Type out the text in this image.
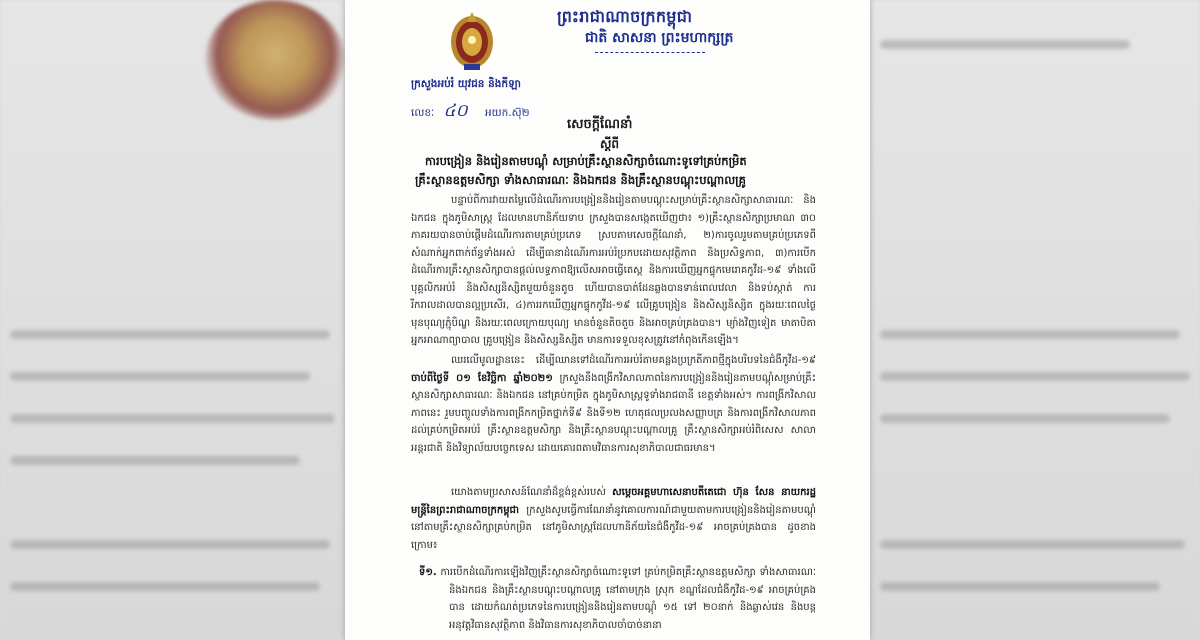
ព្រះរាជាណាចក្រកម្ពុជា
ជាតិ សាសនា ព្រះមហាក្សត្រ
ក្រសួងអប់រំ យុវជន និងកីឡា
លេខៈ ៤០ អយក.ស៊ុ២
សេចក្តីណែនាំ
ស្តីពី
ការបង្រៀន និងរៀនតាមបណ្តុំ សម្រាប់គ្រឹះស្ថានសិក្សាចំណោះទូទៅគ្រប់កម្រិត
គ្រឹះស្ថានឧត្តមសិក្សា ទាំងសាធារណៈ និងឯកជន និងគ្រឹះស្ថានបណ្តុះបណ្តាលគ្រូ
បន្ទាប់ពីការវាយតម្លៃលើដំណើរការបង្រៀននិងរៀនតាមបណ្តុះសម្រាប់គ្រឹះស្ថានសិក្សាសាធារណៈ និងឯកជន ក្នុងភូមិសាស្រ្ត ដែលមានហានិភ័យទាប ក្រសួងបានសង្កេតឃើញថា៖ ១)គ្រឹះស្ថានសិក្សាប្រមាណ ៣០ ភាគរយបានចាប់ផ្តើមដំណើរការតាមគ្រប់ប្រភេទ ស្របតាមសេចក្តីណែនាំ, ២)ការចូលរួមតាមគ្រប់ប្រភេទពីសំណាក់អ្នកពាក់ព័ន្ធទាំងអស់ ដើម្បីធានាដំណើរការអប់រំប្រកបដោយសុវត្ថិភាព និងប្រសិទ្ធភាព, ៣)ការបើកដំណើរការគ្រឹះស្ថានសិក្សាបានផ្តល់លទ្ធភាពឱ្យលើសអាចធ្វើតេស្ត និងការឃើញអ្នកផ្ទុកមេរោគកូវីដ-១៩ ទាំងលើបុគ្គលិកអប់រំ និងសិស្សនិស្សិតមួយចំនួនតូច ហើយបានបាត់ដែនឆ្លងបានទាន់ពេលវេលា និងទប់ស្កាត់ ការរីករាលដាលបានល្អប្រសើរ, ៤)ការរកឃើញអ្នកផ្ទុកកូវីដ-១៩ លើគ្រូបង្រៀន និងសិស្សនិស្សិត ក្នុងរយៈពេលថ្ងៃមុនបុណ្យភ្ជុំបិណ្ឌ និងរយៈពេលក្រោយបុណ្យ មានចំនួនតិចតួច និងអាចគ្រប់គ្រងបាន។ ម្យ៉ាងវិញទៀត មាតាបិតា អ្នកអាណាព្យាបាល គ្រូបង្រៀន និងសិស្សនិស្សិត មានការទទួលខុសត្រូវនៅកំពុងកើនឡើង។
ឈរលើមូលដ្ឋាននេះ ដើម្បីឈានទៅដំណើរការអប់រំតាមគន្លងប្រក្រតីភាពថ្មីក្នុងបរិបទនៃជំងឺកូវីដ-១៩ ចាប់ពីថ្ងៃទី ០១ ខែវិច្ឆិកា ឆ្នាំ២០២១ ក្រសួងនឹងពង្រីកវិសាលភាពនៃការបង្រៀននិងរៀនតាមបណ្តុំសម្រាប់គ្រឹះស្ថានសិក្សាសាធារណៈ និងឯកជន នៅគ្រប់កម្រិត ក្នុងភូមិសាស្រ្តទូទាំងរាជធានី ខេត្តទាំងអស់។ ការពង្រីកវិសាលភាពនេះ រួមបញ្ចូលទាំងការពង្រីកកម្រិតថ្នាក់ទី៩ និងទី១២ ហេតុផលប្រលងសញ្ញាបត្រ និងការពង្រីកវិសាលភាពដល់គ្រប់កម្រិតអប់រំ គ្រឹះស្ថានឧត្តមសិក្សា និងគ្រឹះស្ថានបណ្តុះបណ្តាលគ្រូ គ្រឹះស្ថានសិក្សាអប់រំពិសេស សាលាអន្តរជាតិ និងវិទ្យាល័យបច្ចេកទេស ដោយគោរពតាមវិធានការសុខាភិបាលជាធរមាន។
យោងតាមប្រសាសន៍ណែនាំដ៏ខ្ពង់ខ្ពស់របស់ សម្តេចអគ្គមហាសេនាបតីតេជោ ហ៊ុន សែន នាយករដ្ឋមន្ត្រីនៃព្រះរាជាណាចក្រកម្ពុជា ក្រសួងសូមធ្វើការណែនាំនូវគោលការណ៍ជាមួយតាមការបង្រៀននិងរៀនតាមបណ្តុំនៅតាមគ្រឹះស្ថានសិក្សាគ្រប់កម្រិត នៅភូមិសាស្រ្តដែលហានិភ័យនៃជំងឺកូវីដ-១៩ អាចគ្រប់គ្រងបាន ដូចខាងក្រោម៖
ទី១. ការបើកដំណើរការឡើងវិញគ្រឹះស្ថានសិក្សាចំណោះទូទៅ គ្រប់កម្រិតគ្រឹះស្ថានឧត្តមសិក្សា ទាំងសាធារណៈ និងឯកជន និងគ្រឹះស្ថានបណ្តុះបណ្តាលគ្រូ នៅតាមក្រុង ស្រុក ខណ្ឌដែលជំងឺកូវីដ-១៩ អាចគ្រប់គ្រងបាន ដោយកំណត់ប្រភេទនៃការបង្រៀននិងរៀនតាមបណ្តុំ ១៥ ទៅ ២០នាក់ និងឆ្លាស់វេន និងបន្តអនុវត្តវិធានសុវត្ថិភាព និងវិធានការសុខាភិបាលចាំបាច់នានា
